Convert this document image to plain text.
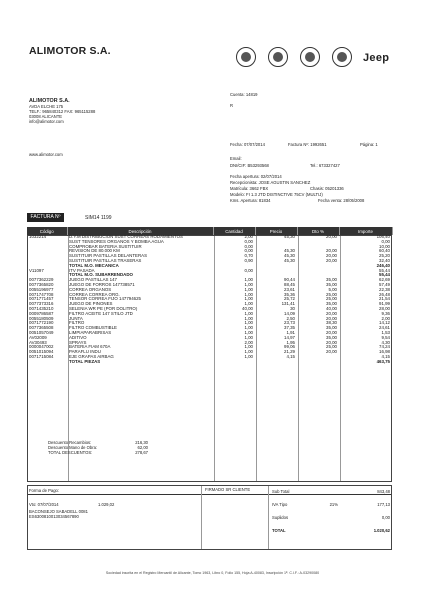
ALIMOTOR S.A.
Jeep
ALIMOTOR S.A.
AVDA ELCHE 175
TELF.: 965840312 FAX: 965115288
03008 ALICANTE
info@alimotor.com
www.alimotor.com
Cuenta: 14819
R
Fecha: 07/07/2014	Factura Nº: 1992651	Página: 1
Email:
DNI/CIF: B53293568	Tel.: 673327427
Fecha apertura: 02/07/2014
Recepcionista: JOSE AGUSTIN SANCHEZ
Matrícula: 3662 FBX	Chasis: 05201336
Modelo: FI 1.3 JTD DISTINCTIVE 75CV (MULTIJ)
Kms. Apertura: 81834	Fecha venta: 28/05/2008
FACTURA Nº	SIM14 1199
Código	Descripción	Cantidad	Precio	Dto %	Importe
1032214	D.Y.M DISTRIBUCION SUST CORREAS RODAMIENTOS	2,00	45,30	20,00	106,40
	SUST TENSORES ORGANOS Y BOMBA AGUA	0,00			0,00
	COMPROBAR BATERIA SUSTITUIR	0,00			10,00
	REVISION DE 80.000 KM	0,00	45,30	20,00	60,40
	SUSTITUIR PASTILLAS DELANTERAS	0,70	45,30	20,00	25,20
	SUSTITUIR PASTILLAS TRASERAS	0,90	45,30	20,00	32,40
	TOTAL M.O. MECANICA				246,40

V11097	ITV PASADA	0,00			55,44
	TOTAL M.O. SUBARRENDADO				55,44
0077362229	JUEGO PASTILLAS 147	1,00	90,44	35,00	62,69
0077365820	JUEGO DE FORROS 147738571	1,00	88,45	35,00	57,49
0055196977	CORREA ORGANOS	1,00	23,61	5,00	22,38
0071747708	CORREA CORREA ORG.	1,00	35,36	25,00	26,48
0071771457	TENSOR CORREA FIJO 147794625	1,00	25,72	25,00	21,54
0077373316	JUEGO DE PIÑONES	1,00	131,41	35,00	91,99
0071435210	SELENIA WR PE (POR DOLITRO)	40,00	30	40,00	28,00
0009786587	FILTRO ACEITE 147 STILO JTD	1,00	14,09	20,00	9,36
0055180509	JUNTA	1,00	2,50	20,00	2,00
0071772190	FILTRO	1,00	23,73	38,30	14,12
0077365508	FILTRO COMBUSTIBLE	1,00	37,35	35,00	24,61
0051057049	LIMPIAPARABRISAS	1,00	1,91	20,00	1,53
AV02009	ADITIVO	1,00	14,97	35,00	9,54
AV30493	SPRAYS	2,00	1,95	20,00	4,30
0000047002	BATERIA FIAM 670A	1,00	99,06	25,00	74,24
0051015094	PARAFLU INDU	1,00	21,29	20,00	16,98
0071715084	EJE GRAPAS AIRBAG	1,00	4,15		4,15
	TOTAL PIEZAS				463,75
Descuento Recambios:	216,30
Descuento Mano de Obra:	62,00
TOTAL DESCUENTOS:	278,67
Forma de Pago:	FIRMADO SR CLIENTE
Vto: 07/07/2014	1.029,02
BACONSEJO SABADELL 0081
ES6300810013034567890
Sub Total	843,48
IVA Tipo	21%	177,13
Suplidos	0,00
TOTAL	1.020,62
Sociedad inscrita en el Registro Mercantil de Alicante, Tomo 1963, Libro 0, Folio 155, Hoja A-40083, Inscripción 1ª. C.I.F.: A-03290080
